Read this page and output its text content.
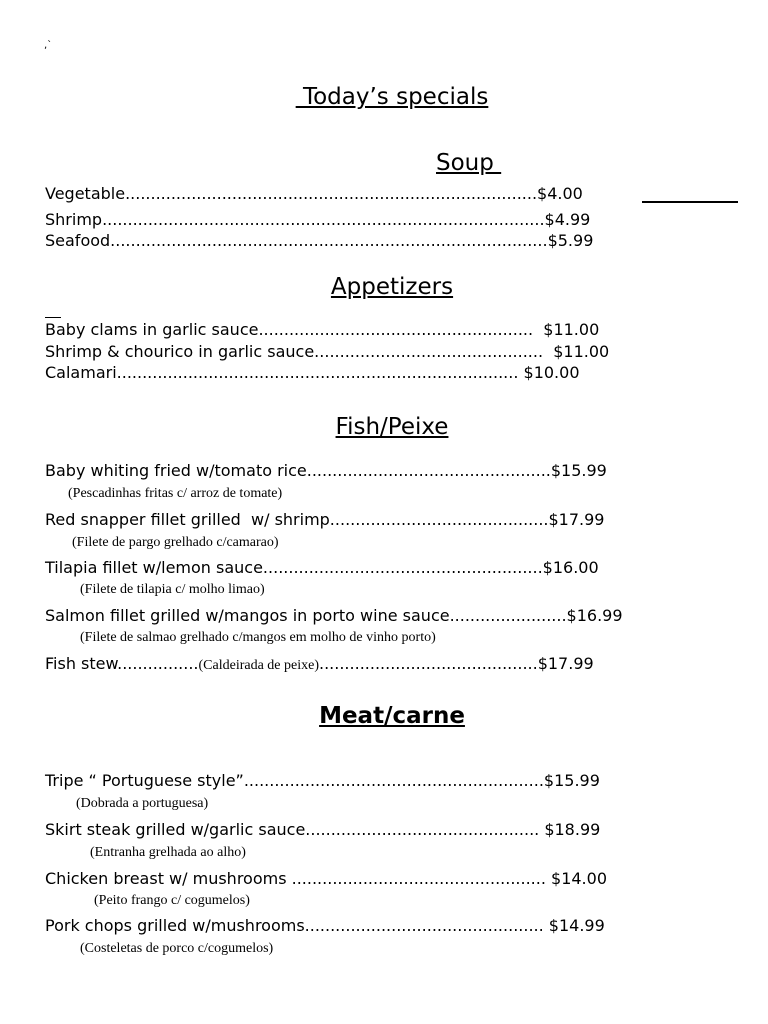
,`
Today’s specials
Soup
Vegetable.................................................................................$4.00
Shrimp.......................................................................................$4.99
Seafood......................................................................................$5.99
Appetizers
Baby clams in garlic sauce......................................................  $11.00
Shrimp & chourico in garlic sauce.............................................  $11.00
Calamari............................................................................... $10.00
Fish/Peixe
Baby whiting fried w/tomato rice................................................$15.99
(Pescadinhas fritas c/ arroz de tomate)
Red snapper fillet grilled  w/ shrimp...........................................$17.99
(Filete de pargo grelhado c/camarao)
Tilapia fillet w/lemon sauce.......................................................$16.00
(Filete de tilapia c/ molho limao)
Salmon fillet grilled w/mangos in porto wine sauce.......................$16.99
(Filete de salmao grelhado c/mangos em molho de vinho porto)
Fish stew................(Caldeirada de peixe)...........................................$17.99
Meat/carne
Tripe “ Portuguese style”...........................................................$15.99
(Dobrada a portuguesa)
Skirt steak grilled w/garlic sauce.............................................. $18.99
(Entranha grelhada ao alho)
Chicken breast w/ mushrooms .................................................. $14.00
(Peito frango c/ cogumelos)
Pork chops grilled w/mushrooms............................................... $14.99
(Costeletas de porco c/cogumelos)
